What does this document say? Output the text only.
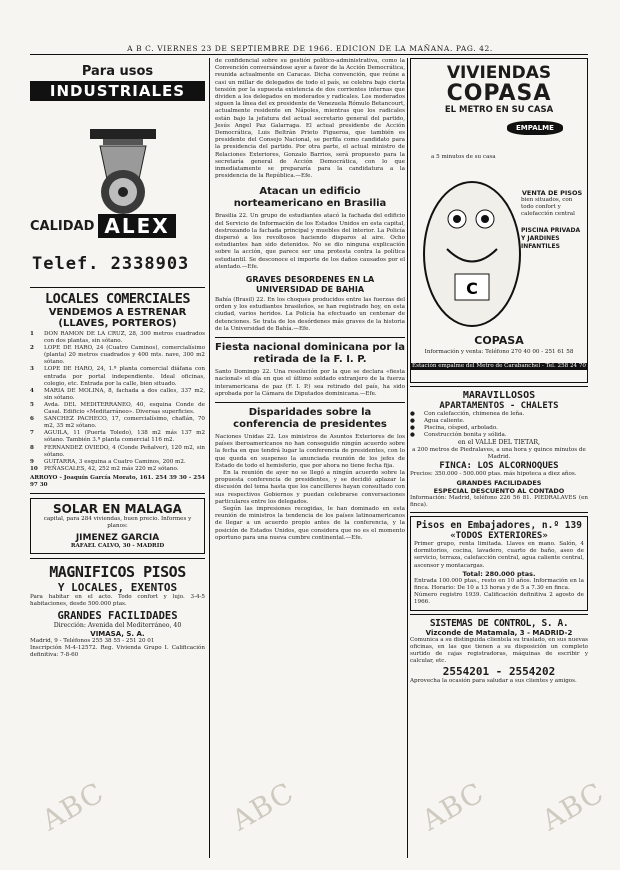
A B C. VIERNES 23 DE SEPTIEMBRE DE 1966. EDICION DE LA MAÑANA. PAG. 42.
Para usos
INDUSTRIALES
CALIDAD ALEX
Telef. 2338903
LOCALES COMERCIALES
VENDEMOS A ESTRENAR
(LLAVES, PORTEROS)
1	DON RAMON DE LA CRUZ, 28, 300 metros cuadrados con dos plantas, sin sótano.
2	LOPE DE HARO, 24 (Cuatro Caminos), comercialísimo (planta) 20 metros cuadrados y 400 mts. nave, 300 m2 sótano.
3	LOPE DE HARO, 24, 1.ª planta comercial diáfana con entrada por portal independiente. Ideal oficinas, colegio, etc. Entrada por la calle, bien situado.
4	MARIA DE MOLINA, 8, fachada a dos calles, 337 m2, sin sótano.
5	Avda. DEL MEDITERRANEO, 40, esquina Conde de Casal. Edificio «Meditarráneo». Diversas superficies.
6	SANCHEZ PACHECO, 17, comercialísimo, chaflán, 70 m2, 35 m2 sótano.
7	AGUILA, 11 (Puerta Toledo), 138 m2 más 137 m2 sótano. También 3.ª planta comercial 116 m2.
8	FERNANDEZ OVIEDO, 4 (Conde Peñalver), 120 m2, sin sótano.
9	GUITARRA, 3 esquina a Cuatro Caminos, 200 m2.
10	PEÑASCALES, 42, 252 m2 más 220 m2 sótano.
ARROYO - Joaquín García Morato, 161. 254 39 30 - 254 97 30
SOLAR EN MALAGA
capital, para 284 viviendas, buen precio. Informes y planos:
JIMENEZ GARCIA
RAFAEL CALVO, 30 - MADRID
MAGNIFICOS PISOS
Y LOCALES, EXENTOS
Para habitar en el acto. Todo confort y lujo. 3-4-5 habitaciones, desde 500.000 ptas.
GRANDES FACILIDADES
Dirección: Avenida del Mediterráneo, 40
VIMASA, S. A.
Madrid, 9 - Teléfonos 255 38 55 - 251 20 01
Inscripción M-4-12572. Reg. Vivienda Grupo I. Calificación definitiva: 7-8-60

de confidencial sobre su gestión político-administrativa, como la Convención conversándose ayer a favor de la Acción Democrática, reunida actualmente en Caracas. Dicha convención, que reúne a casi un millar de delegados de todo el país, se celebra bajo cierta tensión por la supuesta existencia de dos corrientes internas que dividen a los delegados en moderados y radicales. Los moderados siguen la línea del ex presidente de Venezuela Rómulo Betancourt, actualmente residente en Nápoles, mientras que los radicales están bajo la jefatura del actual secretario general del partido, Jesús Angel Paz Galarraga. El actual presidente de Acción Democrática, Luis Beltrán Prieto Figueroa, que también es presidente del Consejo Nacional, se perfila como candidato para la presidencia del partido. Por otra parte, el actual ministro de Relaciones Exteriores, Gonzalo Barrios, será propuesto para la secretaría general de Acción Democrática, con lo que inmediatamente se prepararía para la candidatura a la presidencia de la República.—Efe.

Atacan un edificio norteamericano en Brasilia

Brasilia 22. Un grupo de estudiantes atacó la fachada del edificio del Servicio de Información de los Estados Unidos en esta capital, destrozando la fachada principal y muebles del interior. La Policía dispersó a los revoltosos haciendo disparos al aire. Ocho estudiantes han sido detenidos. No se dio ninguna explicación sobre la acción, que parece ser una protesta contra la política estudiantil. Se desconoce el importe de los daños causados por el atentado.—Efe.

GRAVES DESORDENES EN LA UNIVERSIDAD DE BAHIA

Bahía (Brasil) 22. En los choques producidos entre las fuerzas del orden y los estudiantes brasileños, se han registrado hoy, en esta ciudad, varios heridos. La Policía ha efectuado un centenar de detenciones. Se trata de los desórdenes más graves de la historia de la Universidad de Bahía.—Efe.

Fiesta nacional dominicana por la retirada de la F. I. P.

Santo Domingo 22. Una resolución por la que se declara «fiesta nacional» el día en que el último soldado extranjero de la fuerza interamericana de paz (F. I. P.) sea retirado del país, ha sido aprobada por la Cámara de Diputados dominicana.—Efe.

Disparidades sobre la conferencia de presidentes

Naciones Unidas 22. Los ministros de Asuntos Exteriores de los países iberoamericanos no han conseguido ningún acuerdo sobre la fecha en que tendrá lugar la conferencia de presidentes, con lo que queda en suspenso la anunciada reunión de los jefes de Estado de todo el hemisferio, que por ahora no tiene fecha fija.

En la reunión de ayer no se llegó a ningún acuerdo sobre la propuesta conferencia de presidentes, y se decidió aplazar la discusión del tema hasta que los cancilleres hayan consultado con sus respectivos Gobiernos y puedan celebrarse conversaciones particulares entre los delegados.

Según las impresiones recogidas, le han dominado en esta reunión de ministros la tendencia de los países latinoamericanos de llegar a un acuerdo propio antes de la conferencia, y la posición de Estados Unidos, que considera que no es el momento oportuno para una nueva cumbre continental.—Efe.

VIVIENDAS
COPASA
EL METRO EN SU CASA
EMPALME
a 5 minutos de su casa
C
VENTA DE PISOS
bien situados, con todo confort y calefacción central
PISCINA PRIVADA Y JARDINES INFANTILES
COPASA
Información y venta: Teléfono 270 40 00 - 251 61 58
Estación empalme del Metro de Carabanchel - Tel. 258 24 70
MARAVILLOSOS
APARTAMENTOS - CHALETS
●	Con calefacción, chimenea de leña.
●	Agua caliente.
●	Piscina, césped, arbolado.
●	Construcción bonita y sólida.
en el VALLE DEL TIETAR,
a 200 metros de Piedralaves, a una hora y quince minutos de Madrid.
FINCA: LOS ALCORNOQUES
Precios: 350.000 - 500.000 ptas. más hipoteca a diez años.
GRANDES FACILIDADES
ESPECIAL DESCUENTO AL CONTADO
Información: Madrid, teléfono 226 56 81. PIEDRALAVES (en finca).
Pisos en Embajadores, n.º 139
«TODOS EXTERIORES»
Primer grupo, renta limitada. Llaves en mano. Salón, 4 dormitorios, cocina, lavadero, cuarto de baño, aseo de servicio, terraza, calefacción central, agua caliente central, ascensor y montacargas.
Total: 280.000 ptas.
Entrada 100.000 ptas., resto en 10 años. Información en la finca. Horario: De 10 a 13 horas y de 5 a 7.30 en finca.
Número registro 1939. Calificación definitiva 2 agosto de 1966.
SISTEMAS DE CONTROL, S. A.
Vizconde de Matamala, 3 - MADRID-2
Comunica a su distinguida clientela su traslado, en sus nuevas oficinas, en las que tienen a su disposición un completo surtido de cajas registradoras, máquinas de escribir y calcular, etc.
2554201 - 2554202
Aprovecha la ocasión para saludar a sus clientes y amigos.
ABC	ABC	ABC ABC
